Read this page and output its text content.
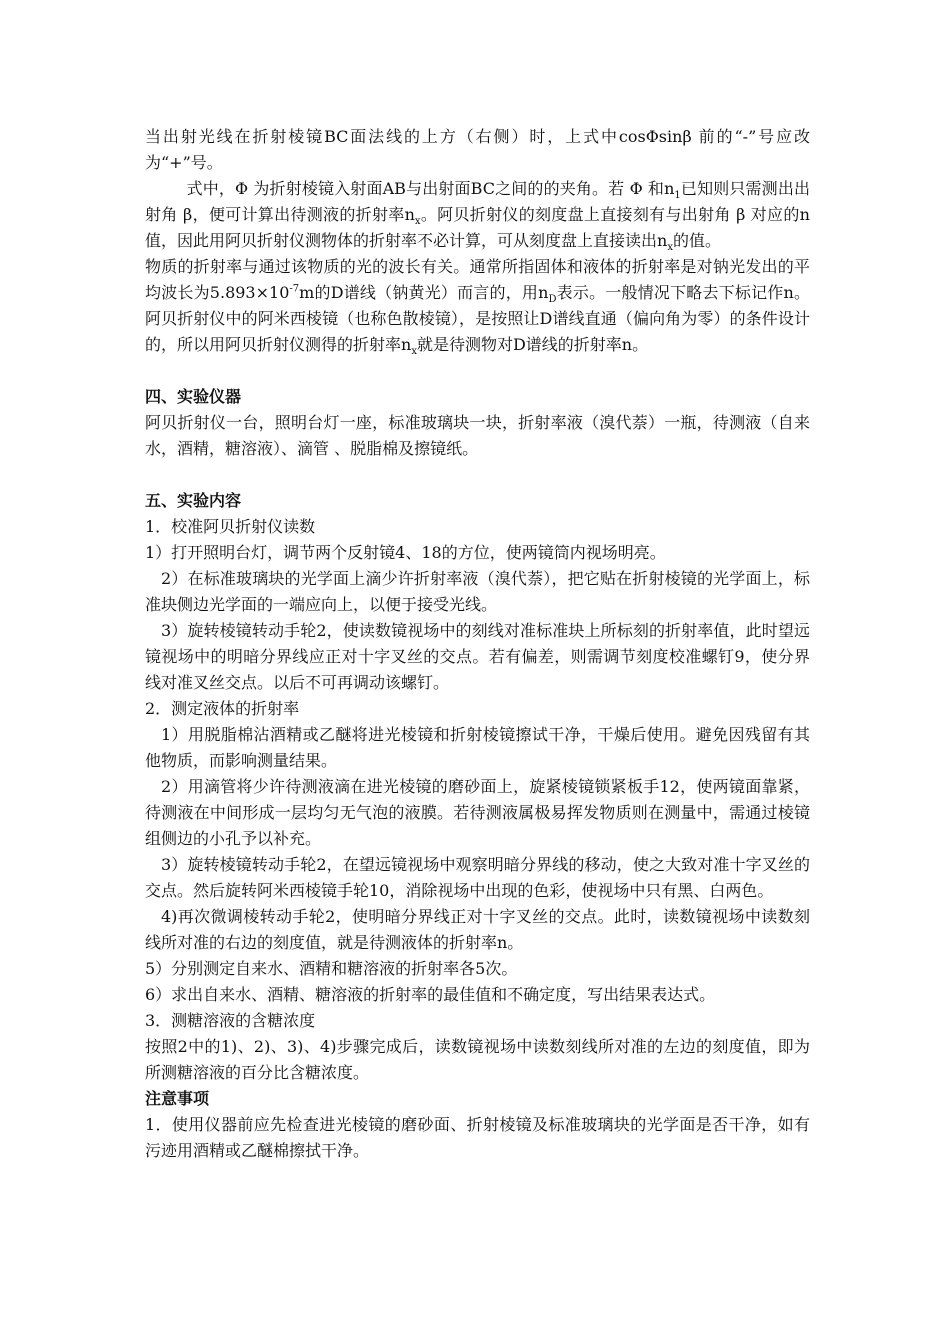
当出射光线在折射棱镜BC面法线的上方（右侧）时，上式中cosΦsinβ 前的“-”号应改为“+”号。

式中，Φ 为折射棱镜入射面AB与出射面BC之间的的夹角。若 Φ 和$n_1$已知则只需测出出射角 β，便可计算出待测液的折射率$n_x$。阿贝折射仪的刻度盘上直接刻有与出射角 β 对应的n值，因此用阿贝折射仪测物体的折射率不必计算，可从刻度盘上直接读出$n_x$的值。

物质的折射率与通过该物质的光的波长有关。通常所指固体和液体的折射率是对钠光发出的平均波长为$5.893\times 10^{-7}m$的D谱线（钠黄光）而言的，用$n_D$表示。一般情况下略去下标记作n。阿贝折射仪中的阿米西棱镜（也称色散棱镜），是按照让D谱线直通（偏向角为零）的条件设计的，所以用阿贝折射仪测得的折射率$n_x$就是待测物对D谱线的折射率n。

四、实验仪器

阿贝折射仪一台，照明台灯一座，标准玻璃块一块，折射率液（溴代萘）一瓶，待测液（自来水，酒精，糖溶液）、滴管 、脱脂棉及擦镜纸。

五、实验内容

1．校准阿贝折射仪读数

1）打开照明台灯，调节两个反射镜4、18的方位，使两镜筒内视场明亮。

2）在标准玻璃块的光学面上滴少许折射率液（溴代萘），把它贴在折射棱镜的光学面上，标准块侧边光学面的一端应向上，以便于接受光线。

3）旋转棱镜转动手轮2，使读数镜视场中的刻线对准标准块上所标刻的折射率值，此时望远镜视场中的明暗分界线应正对十字叉丝的交点。若有偏差，则需调节刻度校准螺钉9，使分界线对准叉丝交点。以后不可再调动该螺钉。

2．测定液体的折射率

1）用脱脂棉沾酒精或乙醚将进光棱镜和折射棱镜擦试干净，干燥后使用。避免因残留有其他物质，而影响测量结果。

2）用滴管将少许待测液滴在进光棱镜的磨砂面上，旋紧棱镜锁紧板手12，使两镜面靠紧，待测液在中间形成一层均匀无气泡的液膜。若待测液属极易挥发物质则在测量中，需通过棱镜组侧边的小孔予以补充。

3）旋转棱镜转动手轮2，在望远镜视场中观察明暗分界线的移动，使之大致对准十字叉丝的交点。然后旋转阿米西棱镜手轮10，消除视场中出现的色彩，使视场中只有黑、白两色。

4)再次微调棱转动手轮2，使明暗分界线正对十字叉丝的交点。此时，读数镜视场中读数刻线所对准的右边的刻度值，就是待测液体的折射率n。

5）分别测定自来水、酒精和糖溶液的折射率各5次。

6）求出自来水、酒精、糖溶液的折射率的最佳值和不确定度，写出结果表达式。

3．测糖溶液的含糖浓度

按照2中的1)、2)、3)、4)步骤完成后，读数镜视场中读数刻线所对准的左边的刻度值，即为所测糖溶液的百分比含糖浓度。

注意事项

1．使用仪器前应先检查进光棱镜的磨砂面、折射棱镜及标准玻璃块的光学面是否干净，如有污迹用酒精或乙醚棉擦拭干净。
